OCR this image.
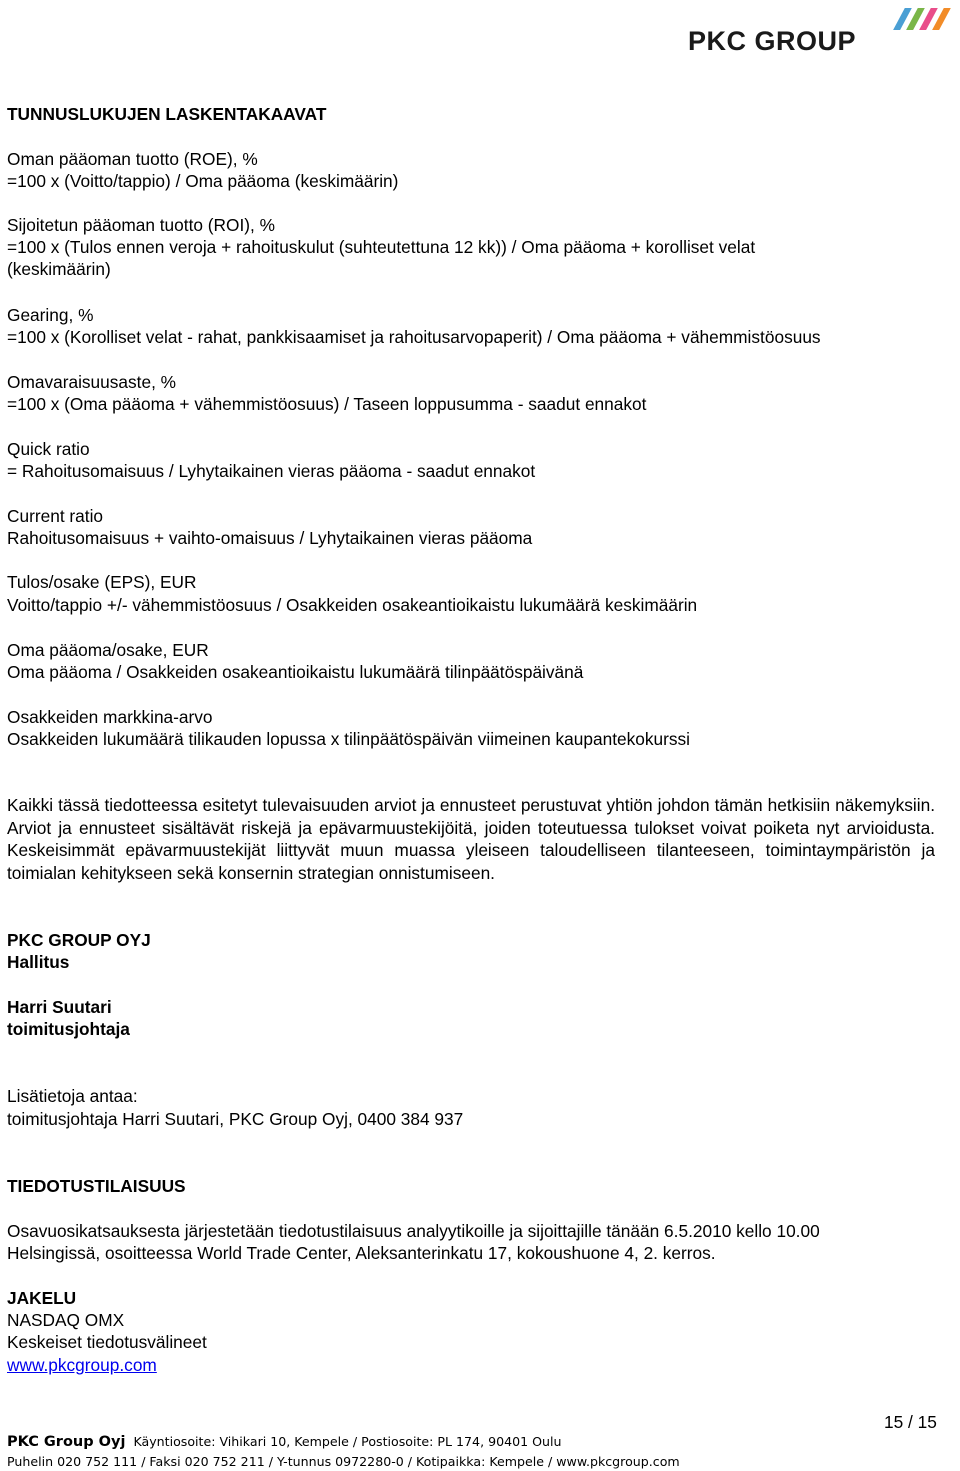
PKC GROUP
TUNNUSLUKUJEN LASKENTAKAAVAT
Oman pääoman tuotto (ROE), %
=100 x (Voitto/tappio) / Oma pääoma (keskimäärin)
Sijoitetun pääoman tuotto (ROI), %
=100 x (Tulos ennen veroja + rahoituskulut (suhteutettuna 12 kk)) / Oma pääoma + korolliset velat
(keskimäärin)
Gearing, %
=100 x (Korolliset velat - rahat, pankkisaamiset ja rahoitusarvopaperit) / Oma pääoma + vähemmistöosuus
Omavaraisuusaste, %
=100 x (Oma pääoma + vähemmistöosuus) / Taseen loppusumma - saadut ennakot
Quick ratio
= Rahoitusomaisuus / Lyhytaikainen vieras pääoma - saadut ennakot
Current ratio
Rahoitusomaisuus + vaihto-omaisuus / Lyhytaikainen vieras pääoma
Tulos/osake (EPS), EUR
Voitto/tappio +/- vähemmistöosuus / Osakkeiden osakeantioikaistu lukumäärä keskimäärin
Oma pääoma/osake, EUR
Oma pääoma / Osakkeiden osakeantioikaistu lukumäärä tilinpäätöspäivänä
Osakkeiden markkina-arvo
Osakkeiden lukumäärä tilikauden lopussa x tilinpäätöspäivän viimeinen kaupantekokurssi
Kaikki tässä tiedotteessa esitetyt tulevaisuuden arviot ja ennusteet perustuvat yhtiön johdon tämän hetkisiin näkemyksiin. Arviot ja ennusteet sisältävät riskejä ja epävarmuustekijöitä, joiden toteutuessa tulokset voivat poiketa nyt arvioidusta. Keskeisimmät epävarmuustekijät liittyvät muun muassa yleiseen taloudelliseen tilanteeseen, toimintaympäristön ja toimialan kehitykseen sekä konsernin strategian onnistumiseen.
PKC GROUP OYJ
Hallitus
Harri Suutari
toimitusjohtaja
Lisätietoja antaa:
toimitusjohtaja Harri Suutari, PKC Group Oyj, 0400 384 937
TIEDOTUSTILAISUUS
Osavuosikatsauksesta järjestetään tiedotustilaisuus analyytikoille ja sijoittajille tänään 6.5.2010 kello 10.00
Helsingissä, osoitteessa World Trade Center, Aleksanterinkatu 17, kokoushuone 4, 2. kerros.
JAKELU
NASDAQ OMX
Keskeiset tiedotusvälineet
www.pkcgroup.com
15 / 15
PKC Group Oyj Käyntiosoite: Vihikari 10, Kempele / Postiosoite: PL 174, 90401 Oulu
Puhelin 020 752 111 / Faksi 020 752 211 / Y-tunnus 0972280-0 / Kotipaikka: Kempele / www.pkcgroup.com
